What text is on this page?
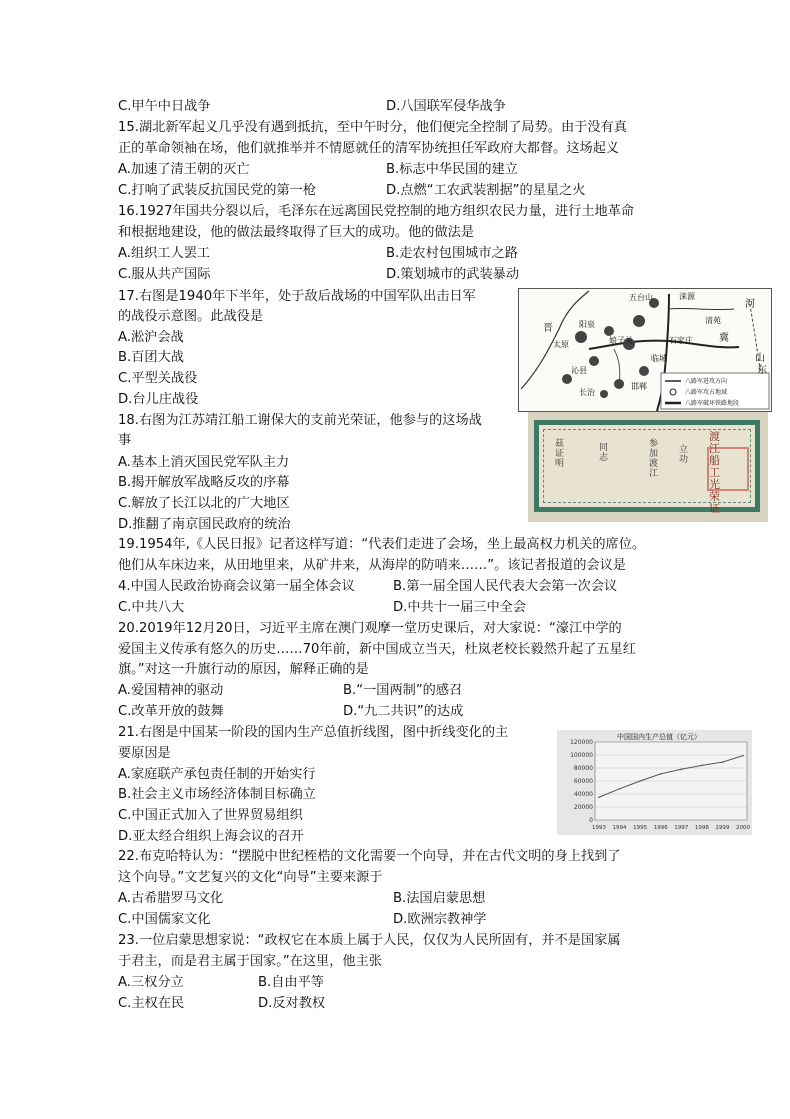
C.甲午中日战争	D.八国联军侵华战争
15.湖北新军起义几乎没有遇到抵抗，至中午时分，他们便完全控制了局势。由于没有真
正的革命领袖在场，他们就推举并不情愿就任的清军协统担任军政府大都督。这场起义
A.加速了清王朝的灭亡	B.标志中华民国的建立
C.打响了武装反抗国民党的第一枪	D.点燃“工农武装割据”的星星之火
16.1927年国共分裂以后，毛泽东在远离国民党控制的地方组织农民力量，进行土地革命
和根据地建设，他的做法最终取得了巨大的成功。他的做法是
A.组织工人罢工	B.走农村包围城市之路
C.服从共产国际	D.策划城市的武装暴动
17.右图是1940年下半年，处于敌后战场的中国军队出击日军
的战役示意图。此战役是
A.淞沪会战
B.百团大战
C.平型关战役
D.台儿庄战役
18.右图为江苏靖江船工谢保大的支前光荣证，他参与的这场战
事
A.基本上消灭国民党军队主力
B.揭开解放军战略反攻的序幕
C.解放了长江以北的广大地区
D.推翻了南京国民政府的统治
19.1954年,《人民日报》记者这样写道：“代表们走进了会场，坐上最高权力机关的席位。
他们从车床边来，从田地里来，从矿井来，从海岸的防哨来……”。该记者报道的会议是
4.中国人民政治协商会议第一届全体会议	B.第一届全国人民代表大会第一次会议
C.中共八大	D.中共十一届三中全会
20.2019年12月20日，习近平主席在澳门观摩一堂历史课后，对大家说：“濠江中学的
爱国主义传承有悠久的历史……70年前，新中国成立当天，杜岚老校长毅然升起了五星红
旗。”对这一升旗行动的原因，解释正确的是
A.爱国精神的驱动	B.“一国两制”的感召
C.改革开放的鼓舞	D.“九二共识”的达成
21.右图是中国某一阶段的国内生产总值折线图，图中折线变化的主
要原因是
A.家庭联产承包责任制的开始实行
B.社会主义市场经济体制目标确立
C.中国正式加入了世界贸易组织
D.亚太经合组织上海会议的召开
22.布克哈特认为：“摆脱中世纪桎梏的文化需要一个向导，并在古代文明的身上找到了
这个向导。”文艺复兴的文化“向导”主要来源于
A.古希腊罗马文化	B.法国启蒙思想
C.中国儒家文化	D.欧洲宗教神学
23.一位启蒙思想家说：“政权它在本质上属于人民，仅仅为人民所固有，并不是国家属
于君主，而是君主属于国家。”在这里，他主张
A.三权分立	B.自由平等
C.主权在民	D.反对教权
五台山	涞源
清苑
阳泉
娘子关	石家庄
太原
临城
沁县
邯郸
长治
山
河
东
冀
晋
八路军进攻方向
八路军攻占地域
八路军破坏铁路地段
渡江船工光荣证
兹证明
同志
参加渡江
立功
中国国内生产总值（亿元）
0
20000
40000
60000
80000
100000
120000
1993 1994 1995 1996 1997 1998 1999 2000
